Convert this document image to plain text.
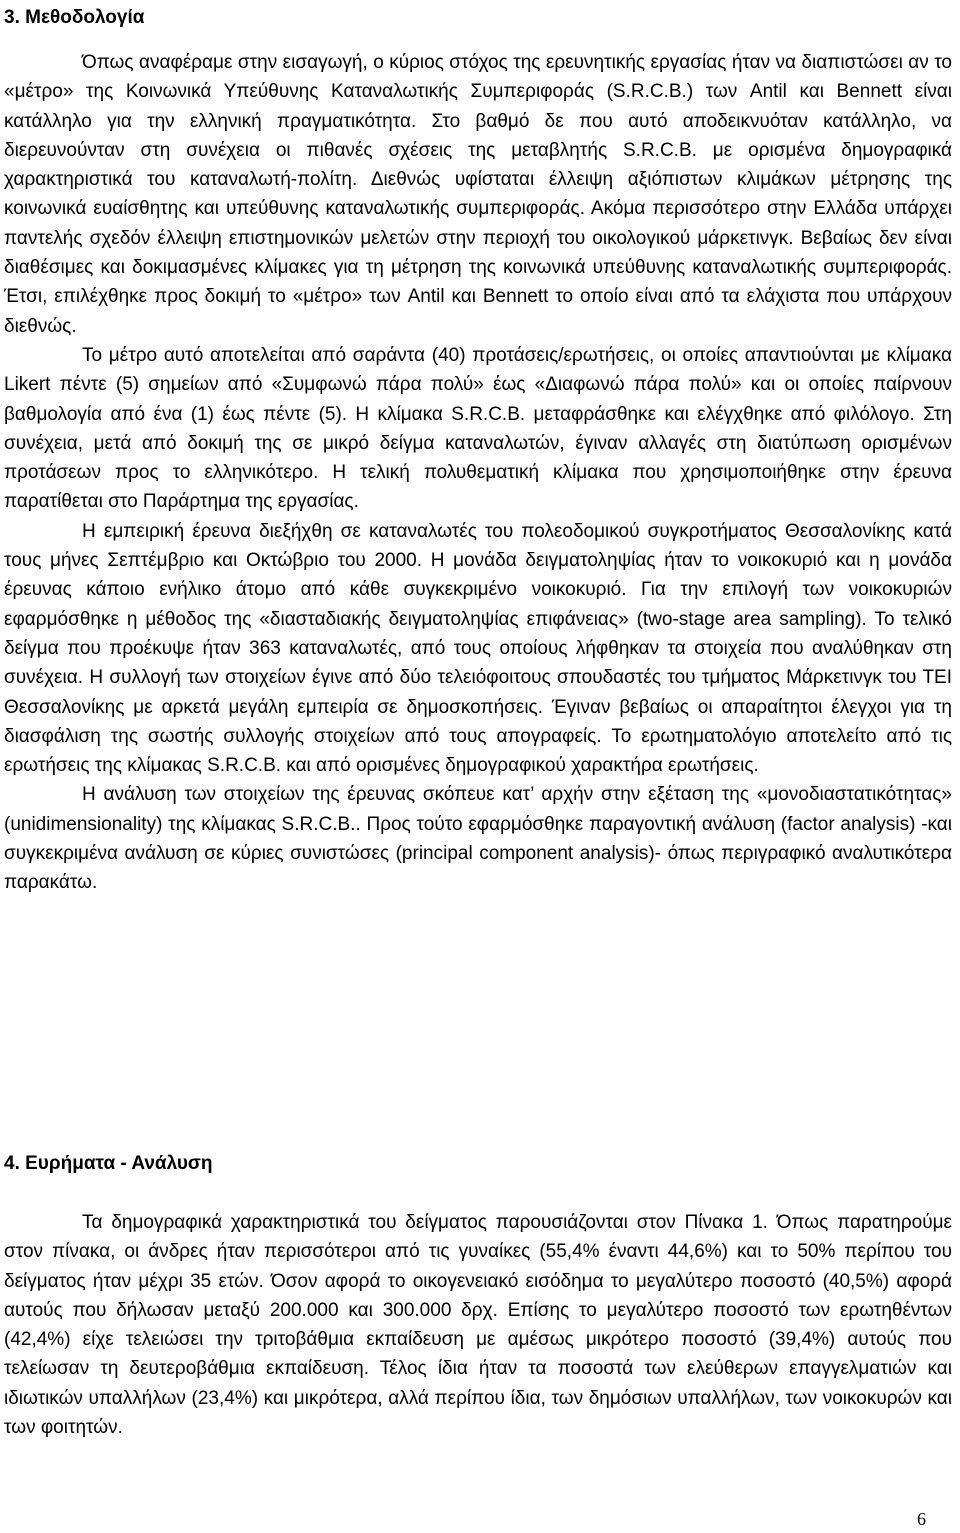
3. Μεθοδολογία

Όπως αναφέραμε στην εισαγωγή, ο κύριος στόχος της ερευνητικής εργασίας ήταν να διαπιστώσει αν το «μέτρο» της Κοινωνικά Υπεύθυνης Καταναλωτικής Συμπεριφοράς (S.R.C.B.) των Antil και Bennett είναι κατάλληλο για την ελληνική πραγματικότητα. Στο βαθμό δε που αυτό αποδεικνυόταν κατάλληλο, να διερευνούνταν στη συνέχεια οι πιθανές σχέσεις της μεταβλητής S.R.C.B. με ορισμένα δημογραφικά χαρακτηριστικά του καταναλωτή-πολίτη. Διεθνώς υφίσταται έλλειψη αξιόπιστων κλιμάκων μέτρησης της κοινωνικά ευαίσθητης και υπεύθυνης καταναλωτικής συμπεριφοράς. Ακόμα περισσότερο στην Ελλάδα υπάρχει παντελής σχεδόν έλλειψη επιστημονικών μελετών στην περιοχή του οικολογικού μάρκετινγκ. Βεβαίως δεν είναι διαθέσιμες και δοκιμασμένες κλίμακες για τη μέτρηση της κοινωνικά υπεύθυνης καταναλωτικής συμπεριφοράς. Έτσι, επιλέχθηκε προς δοκιμή το «μέτρο» των Antil και Bennett το οποίο είναι από τα ελάχιστα που υπάρχουν διεθνώς.

Το μέτρο αυτό αποτελείται από σαράντα (40) προτάσεις/ερωτήσεις, οι οποίες απαντιούνται με κλίμακα Likert πέντε (5) σημείων από «Συμφωνώ πάρα πολύ» έως «Διαφωνώ πάρα πολύ» και οι οποίες παίρνουν βαθμολογία από ένα (1) έως πέντε (5). Η κλίμακα S.R.C.B. μεταφράσθηκε και ελέγχθηκε από φιλόλογο. Στη συνέχεια, μετά από δοκιμή της σε μικρό δείγμα καταναλωτών, έγιναν αλλαγές στη διατύπωση ορισμένων προτάσεων προς το ελληνικότερο. Η τελική πολυθεματική κλίμακα που χρησιμοποιήθηκε στην έρευνα παρατίθεται στο Παράρτημα της εργασίας.

Η εμπειρική έρευνα διεξήχθη σε καταναλωτές του πολεοδομικού συγκροτήματος Θεσσαλονίκης κατά τους μήνες Σεπτέμβριο και Οκτώβριο του 2000. Η μονάδα δειγματοληψίας ήταν το νοικοκυριό και η μονάδα έρευνας κάποιο ενήλικο άτομο από κάθε συγκεκριμένο νοικοκυριό. Για την επιλογή των νοικοκυριών εφαρμόσθηκε η μέθοδος της «διασταδιακής δειγματοληψίας επιφάνειας» (two-stage area sampling). Το τελικό δείγμα που προέκυψε ήταν 363 καταναλωτές, από τους οποίους λήφθηκαν τα στοιχεία που αναλύθηκαν στη συνέχεια. Η συλλογή των στοιχείων έγινε από δύο τελειόφοιτους σπουδαστές του τμήματος Μάρκετινγκ του ΤΕΙ Θεσσαλονίκης με αρκετά μεγάλη εμπειρία σε δημοσκοπήσεις. Έγιναν βεβαίως οι απαραίτητοι έλεγχοι για τη διασφάλιση της σωστής συλλογής στοιχείων από τους απογραφείς. Το ερωτηματολόγιο αποτελείτο από τις ερωτήσεις της κλίμακας S.R.C.B. και από ορισμένες δημογραφικού χαρακτήρα ερωτήσεις.

Η ανάλυση των στοιχείων της έρευνας σκόπευε κατ’ αρχήν στην εξέταση της «μονοδιαστατικότητας» (unidimensionality) της κλίμακας S.R.C.B.. Προς τούτο εφαρμόσθηκε παραγοντική ανάλυση (factor analysis) -και συγκεκριμένα ανάλυση σε κύριες συνιστώσες (principal component analysis)- όπως περιγραφικό αναλυτικότερα παρακάτω.

4. Ευρήματα - Ανάλυση

Τα δημογραφικά χαρακτηριστικά του δείγματος παρουσιάζονται στον Πίνακα 1. Όπως παρατηρούμε στον πίνακα, οι άνδρες ήταν περισσότεροι από τις γυναίκες (55,4% έναντι 44,6%) και το 50% περίπου του δείγματος ήταν μέχρι 35 ετών. Όσον αφορά το οικογενειακό εισόδημα το μεγαλύτερο ποσοστό (40,5%) αφορά αυτούς που δήλωσαν μεταξύ 200.000 και 300.000 δρχ. Επίσης το μεγαλύτερο ποσοστό των ερωτηθέντων (42,4%) είχε τελειώσει την τριτοβάθμια εκπαίδευση με αμέσως μικρότερο ποσοστό (39,4%) αυτούς που τελείωσαν τη δευτεροβάθμια εκπαίδευση. Τέλος ίδια ήταν τα ποσοστά των ελεύθερων επαγγελματιών και ιδιωτικών υπαλλήλων (23,4%) και μικρότερα, αλλά περίπου ίδια, των δημόσιων υπαλλήλων, των νοικοκυρών και των φοιτητών.

6
